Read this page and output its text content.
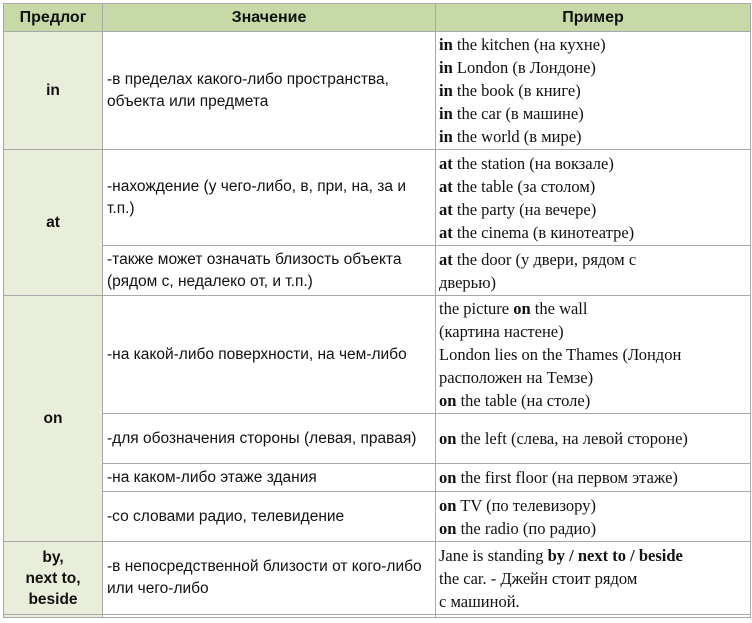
Предлог	Значение	Пример
in	-в пределах какого-либо пространства, объекта или предмета	in the kitchen (на кухне)
in London (в Лондоне)
in the book (в книге)
in the car (в машине)
in the world (в мире)

at	-нахождение (у чего-либо, в, при, на, за и т.п.)	at the station (на вокзале)
at the table (за столом)
at the party (на вечере)
at the cinema (в кинотеатре)

	-также может означать близость объекта (рядом с, недалеко от, и т.п.)	at the door (у двери, рядом с
дверью)

on	-на какой-либо поверхности, на чем-либо	the picture on the wall
(картина настене)
London lies on the Thames (Лондон
расположен на Темзе)
on the table (на столе)

	-для обозначения стороны (левая, правая)	on the left (слева, на левой стороне)

	-на каком-либо этаже здания	on the first floor (на первом этаже)

	-со словами радио, телевидение	on TV (по телевизору)
on the radio (по радио)

by,
next to,
beside	-в непосредственной близости от кого-либо или чего-либо	Jane is standing by / next to / beside
the car. - Джейн стоит рядом
с машиной.
